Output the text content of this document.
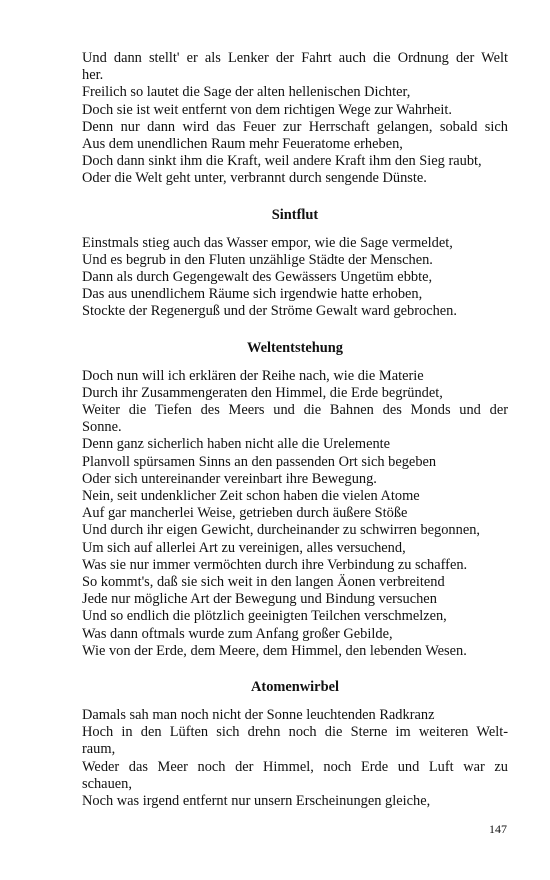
Und dann stellt' er als Lenker der Fahrt auch die Ordnung der Welt
her.
Freilich so lautet die Sage der alten hellenischen Dichter,
Doch sie ist weit entfernt von dem richtigen Wege zur Wahrheit.
Denn nur dann wird das Feuer zur Herrschaft gelangen, sobald sich
Aus dem unendlichen Raum mehr Feueratome erheben,
Doch dann sinkt ihm die Kraft, weil andere Kraft ihm den Sieg raubt,
Oder die Welt geht unter, verbrannt durch sengende Dünste.
Sintflut
Einstmals stieg auch das Wasser empor, wie die Sage vermeldet,
Und es begrub in den Fluten unzählige Städte der Menschen.
Dann als durch Gegengewalt des Gewässers Ungetüm ebbte,
Das aus unendlichem Räume sich irgendwie hatte erhoben,
Stockte der Regenerguß und der Ströme Gewalt ward gebrochen.
Weltentstehung
Doch nun will ich erklären der Reihe nach, wie die Materie
Durch ihr Zusammengeraten den Himmel, die Erde begründet,
Weiter die Tiefen des Meers und die Bahnen des Monds und der
Sonne.
Denn ganz sicherlich haben nicht alle die Urelemente
Planvoll spürsamen Sinns an den passenden Ort sich begeben
Oder sich untereinander vereinbart ihre Bewegung.
Nein, seit undenklicher Zeit schon haben die vielen Atome
Auf gar mancherlei Weise, getrieben durch äußere Stöße
Und durch ihr eigen Gewicht, durcheinander zu schwirren begonnen,
Um sich auf allerlei Art zu vereinigen, alles versuchend,
Was sie nur immer vermöchten durch ihre Verbindung zu schaffen.
So kommt's, daß sie sich weit in den langen Äonen verbreitend
Jede nur mögliche Art der Bewegung und Bindung versuchen
Und so endlich die plötzlich geeinigten Teilchen verschmelzen,
Was dann oftmals wurde zum Anfang großer Gebilde,
Wie von der Erde, dem Meere, dem Himmel, den lebenden Wesen.
Atomenwirbel
Damals sah man noch nicht der Sonne leuchtenden Radkranz
Hoch in den Lüften sich drehn noch die Sterne im weiteren Welt-
raum,
Weder das Meer noch der Himmel, noch Erde und Luft war zu
schauen,
Noch was irgend entfernt nur unsern Erscheinungen gleiche,
147
